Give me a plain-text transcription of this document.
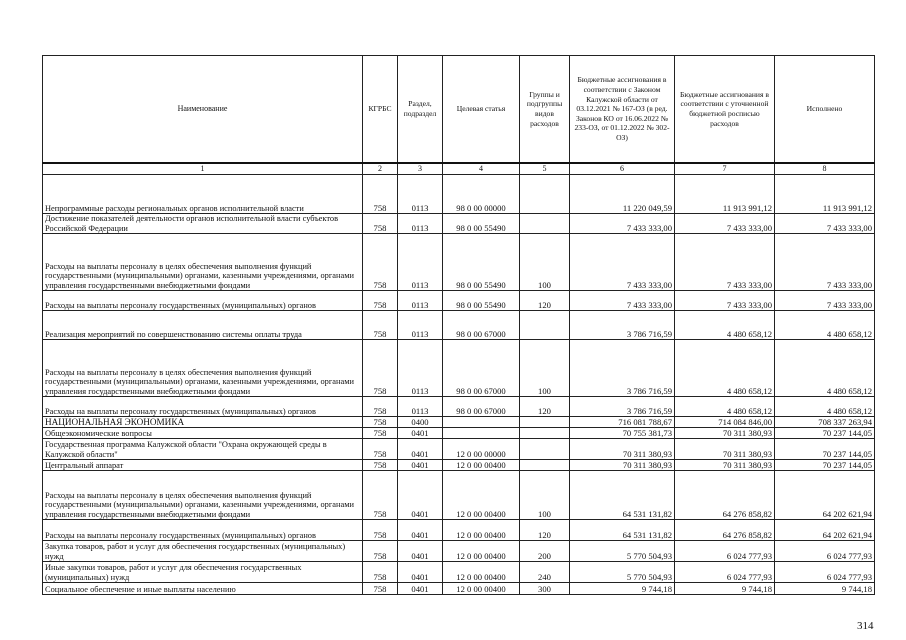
Наименование	КГРБС	Раздел, подраздел	Целевая статья	Группы и подгруппы видов расходов	Бюджетные ассигнования в соответствии с Законом Калужской области от 03.12.2021 № 167-ОЗ (в ред. Законов КО от 16.06.2022 № 233-ОЗ, от 01.12.2022 № 302-ОЗ)	Бюджетные ассигнования в соответствии с уточненной бюджетной росписью расходов	Исполнено
1	2	3	4	5	6	7	8
Непрограммные расходы региональных органов исполнительной власти	758	0113	98 0 00 00000		11 220 049,59	11 913 991,12	11 913 991,12
Достижение показателей деятельности органов исполнительной власти субъектов Российской Федерации	758	0113	98 0 00 55490		7 433 333,00	7 433 333,00	7 433 333,00
Расходы на выплаты персоналу в целях обеспечения выполнения функций государственными (муниципальными) органами, казенными учреждениями, органами управления государственными внебюджетными фондами	758	0113	98 0 00 55490	100	7 433 333,00	7 433 333,00	7 433 333,00
Расходы на выплаты персоналу государственных (муниципальных) органов	758	0113	98 0 00 55490	120	7 433 333,00	7 433 333,00	7 433 333,00
Реализация мероприятий по совершенствованию системы оплаты труда	758	0113	98 0 00 67000		3 786 716,59	4 480 658,12	4 480 658,12
Расходы на выплаты персоналу в целях обеспечения выполнения функций государственными (муниципальными) органами, казенными учреждениями, органами управления государственными внебюджетными фондами	758	0113	98 0 00 67000	100	3 786 716,59	4 480 658,12	4 480 658,12
Расходы на выплаты персоналу государственных (муниципальных) органов	758	0113	98 0 00 67000	120	3 786 716,59	4 480 658,12	4 480 658,12
НАЦИОНАЛЬНАЯ ЭКОНОМИКА	758	0400			716 081 788,67	714 084 846,00	708 337 263,94
Общеэкономические вопросы	758	0401			70 755 381,73	70 311 380,93	70 237 144,05
Государственная программа Калужской области "Охрана окружающей среды в Калужской области"	758	0401	12 0 00 00000		70 311 380,93	70 311 380,93	70 237 144,05
Центральный аппарат	758	0401	12 0 00 00400		70 311 380,93	70 311 380,93	70 237 144,05
Расходы на выплаты персоналу в целях обеспечения выполнения функций государственными (муниципальными) органами, казенными учреждениями, органами управления государственными внебюджетными фондами	758	0401	12 0 00 00400	100	64 531 131,82	64 276 858,82	64 202 621,94
Расходы на выплаты персоналу государственных (муниципальных) органов	758	0401	12 0 00 00400	120	64 531 131,82	64 276 858,82	64 202 621,94
Закупка товаров, работ и услуг для обеспечения государственных (муниципальных) нужд	758	0401	12 0 00 00400	200	5 770 504,93	6 024 777,93	6 024 777,93
Иные закупки товаров, работ и услуг для обеспечения государственных (муниципальных) нужд	758	0401	12 0 00 00400	240	5 770 504,93	6 024 777,93	6 024 777,93
Социальное обеспечение и иные выплаты населению	758	0401	12 0 00 00400	300	9 744,18	9 744,18	9 744,18
314
